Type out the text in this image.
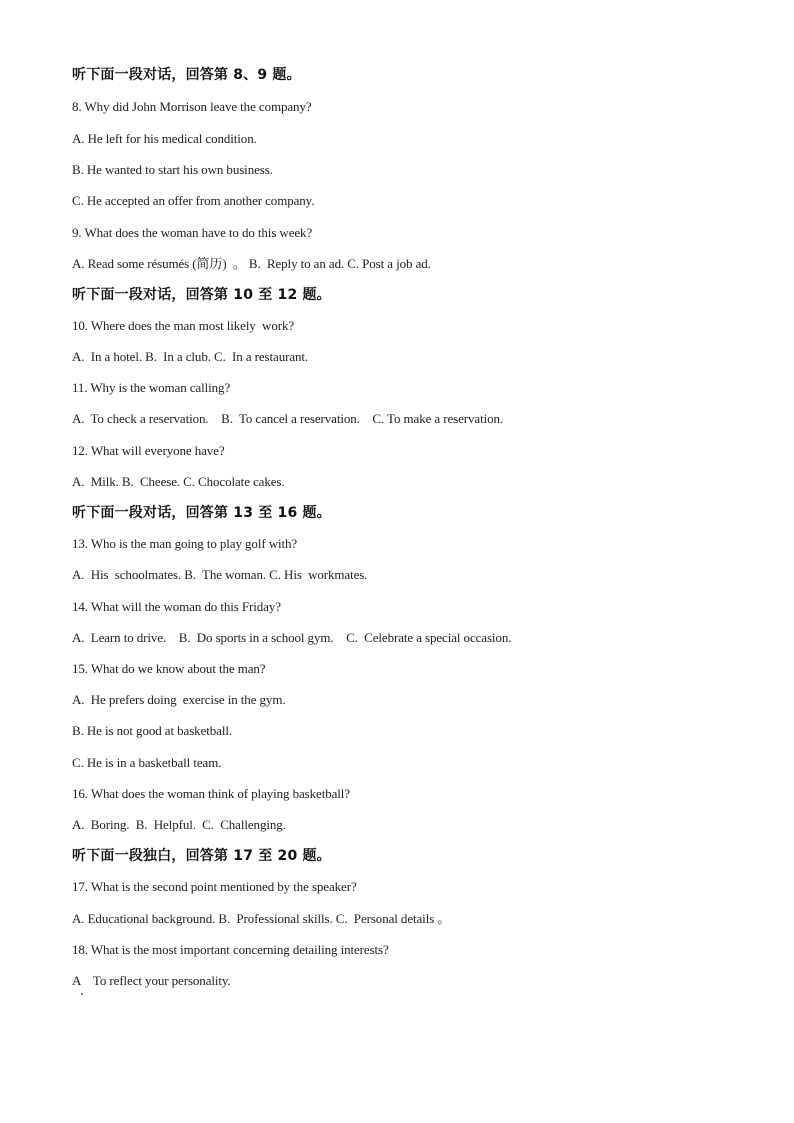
听下面一段对话，回答第 8、9 题。
8. Why did John Morrison leave the company?
A. He left for his medical condition.
B. He wanted to start his own business.
C. He accepted an offer from another company.
9. What does the woman have to do this week?
A. Read some résumés (简历)  。 B.  Reply to an ad. C. Post a job ad.
听下面一段对话，回答第 10 至 12 题。
10. Where does the man most likely  work?
A.  In a hotel. B.  In a club. C.  In a restaurant.
11. Why is the woman calling?
A.  To check a reservation.    B.  To cancel a reservation.    C. To make a reservation.
12. What will everyone have?
A.  Milk. B.  Cheese. C. Chocolate cakes.
听下面一段对话，回答第 13 至 16 题。
13. Who is the man going to play golf with?
A.  His  schoolmates. B.  The woman. C. His  workmates.
14. What will the woman do this Friday?
A.  Learn to drive.    B.  Do sports in a school gym.    C.  Celebrate a special occasion.
15. What do we know about the man?
A.  He prefers doing  exercise in the gym.
B. He is not good at basketball.
C. He is in a basketball team.
16. What does the woman think of playing basketball?
A.  Boring.  B.  Helpful.  C.  Challenging.
听下面一段独白，回答第 17 至 20 题。
17. What is the second point mentioned by the speaker?
A. Educational background. B.  Professional skills. C.  Personal details 。
18. What is the most important concerning detailing interests?
A    To reflect your personality.
